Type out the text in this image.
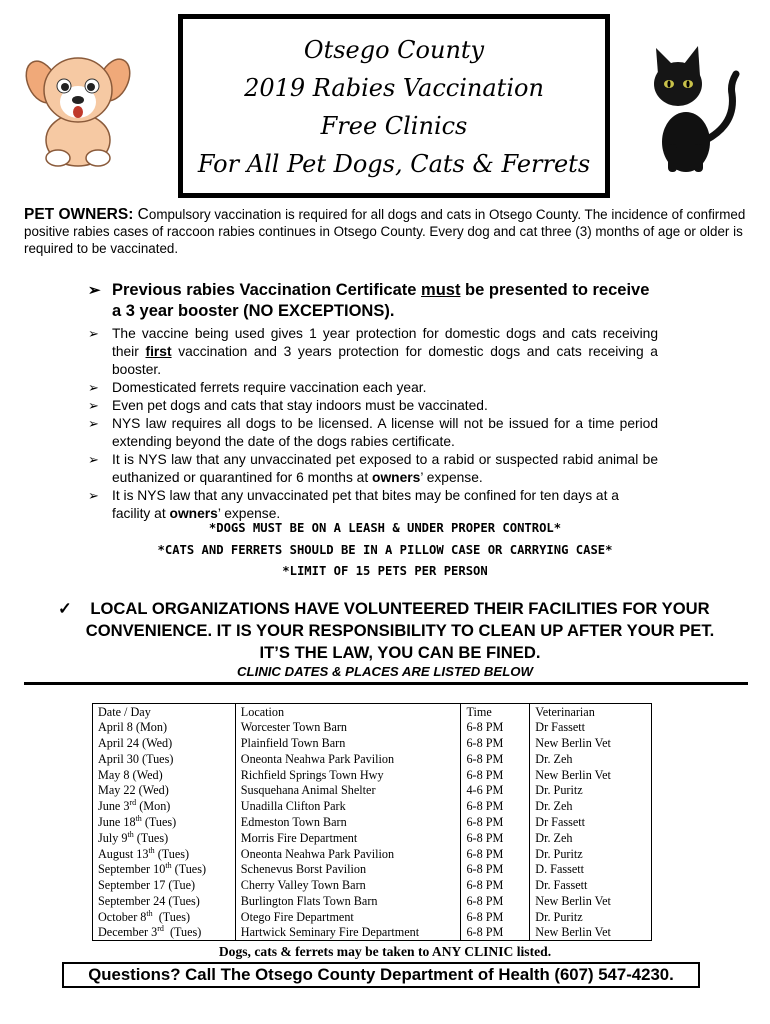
Otsego County
2019 Rabies Vaccination
Free Clinics
For All Pet Dogs, Cats & Ferrets

PET OWNERS: Compulsory vaccination is required for all dogs and cats in Otsego County. The incidence of confirmed positive rabies cases of raccoon rabies continues in Otsego County. Every dog and cat three (3) months of age or older is required to be vaccinated.

➢ Previous rabies Vaccination Certificate must be presented to receive a 3 year booster (NO EXCEPTIONS).
➢ The vaccine being used gives 1 year protection for domestic dogs and cats receiving their first vaccination and 3 years protection for domestic dogs and cats receiving a booster.
➢ Domesticated ferrets require vaccination each year.
➢ Even pet dogs and cats that stay indoors must be vaccinated.
➢ NYS law requires all dogs to be licensed. A license will not be issued for a time period extending beyond the date of the dogs rabies certificate.
➢ It is NYS law that any unvaccinated pet exposed to a rabid or suspected rabid animal be euthanized or quarantined for 6 months at owners’ expense.
➢ It is NYS law that any unvaccinated pet that bites may be confined for ten days at a facility at owners’ expense.
*DOGS MUST BE ON A LEASH & UNDER PROPER CONTROL*
*CATS AND FERRETS SHOULD BE IN A PILLOW CASE OR CARRYING CASE*
*LIMIT OF 15 PETS PER PERSON
✓	LOCAL ORGANIZATIONS HAVE VOLUNTEERED THEIR FACILITIES FOR YOUR
CONVENIENCE. IT IS YOUR RESPONSIBILITY TO CLEAN UP AFTER YOUR PET.
IT’S THE LAW, YOU CAN BE FINED.
CLINIC DATES & PLACES ARE LISTED BELOW
Date / Day	Location	Time	Veterinarian
April 8 (Mon)	Worcester Town Barn	6-8 PM	Dr Fassett
April 24 (Wed)	Plainfield Town Barn	6-8 PM	New Berlin Vet
April 30 (Tues)	Oneonta Neahwa Park Pavilion	6-8 PM	Dr. Zeh
May 8 (Wed)	Richfield Springs Town Hwy	6-8 PM	New Berlin Vet
May 22 (Wed)	Susquehana Animal Shelter	4-6 PM	Dr. Puritz
June 3rd (Mon)	Unadilla Clifton Park	6-8 PM	Dr. Zeh
June 18th (Tues)	Edmeston Town Barn	6-8 PM	Dr Fassett
July 9th (Tues)	Morris Fire Department	6-8 PM	Dr. Zeh
August 13th (Tues)	Oneonta Neahwa Park Pavilion	6-8 PM	Dr. Puritz
September 10th (Tues)	Schenevus Borst Pavilion	6-8 PM	D. Fassett
September 17 (Tue)	Cherry Valley Town Barn	6-8 PM	Dr. Fassett
September 24 (Tues)	Burlington Flats Town Barn	6-8 PM	New Berlin Vet
October 8th  (Tues)	Otego Fire Department	6-8 PM	Dr. Puritz
December 3rd  (Tues)	Hartwick Seminary Fire Department	6-8 PM	New Berlin Vet
Dogs, cats & ferrets may be taken to ANY CLINIC listed.
Questions? Call The Otsego County Department of Health (607) 547-4230.
